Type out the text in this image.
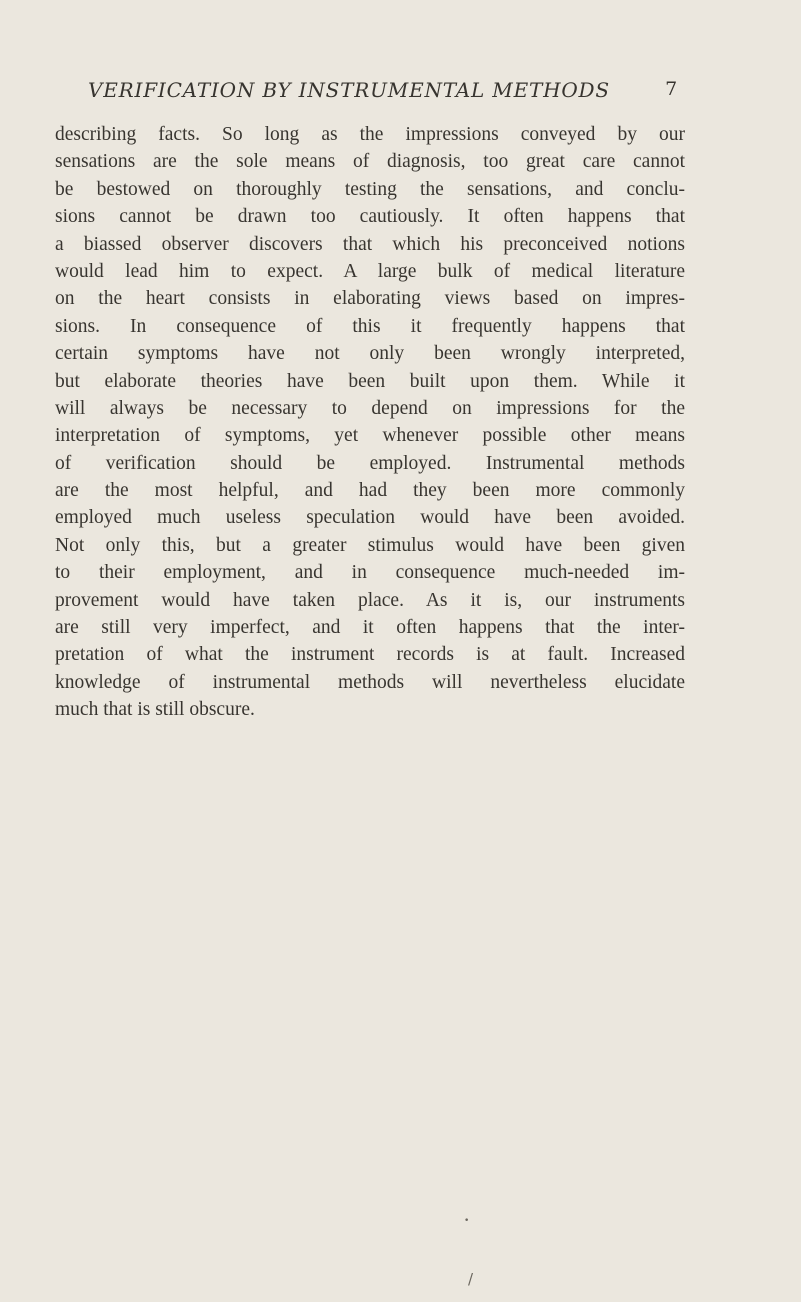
VERIFICATION BY INSTRUMENTAL METHODS	7
describing facts. So long as the impressions conveyed by our
sensations are the sole means of diagnosis, too great care cannot
be bestowed on thoroughly testing the sensations, and conclu-
sions cannot be drawn too cautiously. It often happens that
a biassed observer discovers that which his preconceived notions
would lead him to expect. A large bulk of medical literature
on the heart consists in elaborating views based on impres-
sions. In consequence of this it frequently happens that
certain symptoms have not only been wrongly interpreted,
but elaborate theories have been built upon them. While it
will always be necessary to depend on impressions for the
interpretation of symptoms, yet whenever possible other means
of verification should be employed. Instrumental methods
are the most helpful, and had they been more commonly
employed much useless speculation would have been avoided.
Not only this, but a greater stimulus would have been given
to their employment, and in consequence much-needed im-
provement would have taken place. As it is, our instruments
are still very imperfect, and it often happens that the inter-
pretation of what the instrument records is at fault. Increased
knowledge of instrumental methods will nevertheless elucidate
much that is still obscure.
•
/
